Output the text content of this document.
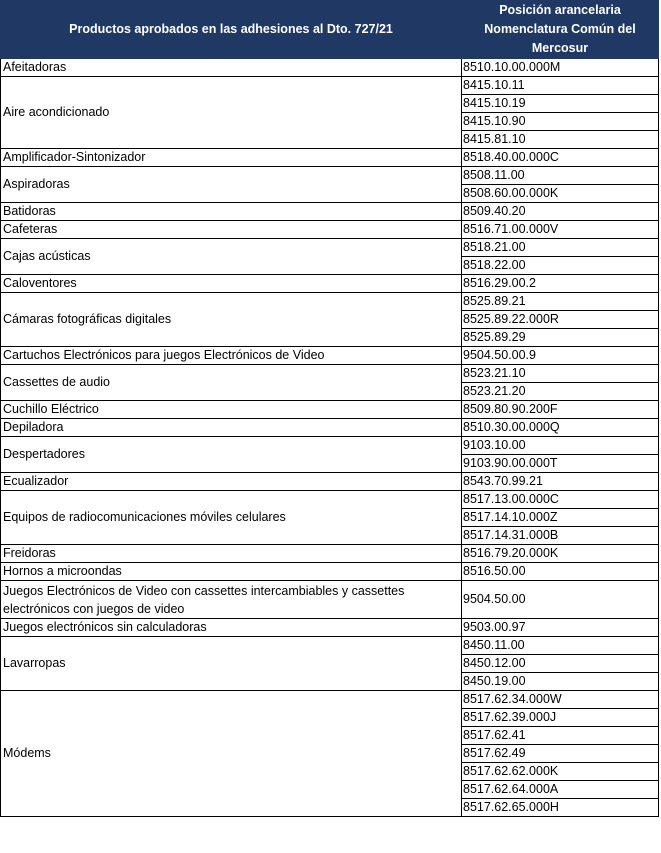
Productos aprobados en las adhesiones al Dto. 727/21	Posición arancelaria Nomenclatura Común del Mercosur
Afeitadoras	8510.10.00.000M
Aire acondicionado	8415.10.11
	8415.10.19
	8415.10.90
	8415.81.10
Amplificador-Sintonizador	8518.40.00.000C
Aspiradoras	8508.11.00
	8508.60.00.000K
Batidoras	8509.40.20
Cafeteras	8516.71.00.000V
Cajas acústicas	8518.21.00
	8518.22.00
Caloventores	8516.29.00.2
Cámaras fotográficas digitales	8525.89.21
	8525.89.22.000R
	8525.89.29
Cartuchos Electrónicos para juegos Electrónicos de Video	9504.50.00.9
Cassettes de audio	8523.21.10
	8523.21.20
Cuchillo Eléctrico	8509.80.90.200F
Depiladora	8510.30.00.000Q
Despertadores	9103.10.00
	9103.90.00.000T
Ecualizador	8543.70.99.21
Equipos de radiocomunicaciones móviles celulares	8517.13.00.000C
	8517.14.10.000Z
	8517.14.31.000B
Freidoras	8516.79.20.000K
Hornos a microondas	8516.50.00
Juegos Electrónicos de Video con cassettes intercambiables y cassettes electrónicos con juegos de video	9504.50.00
Juegos electrónicos sin calculadoras	9503.00.97
Lavarropas	8450.11.00
	8450.12.00
	8450.19.00
Módems	8517.62.34.000W
	8517.62.39.000J
	8517.62.41
	8517.62.49
	8517.62.62.000K
	8517.62.64.000A
	8517.62.65.000H
